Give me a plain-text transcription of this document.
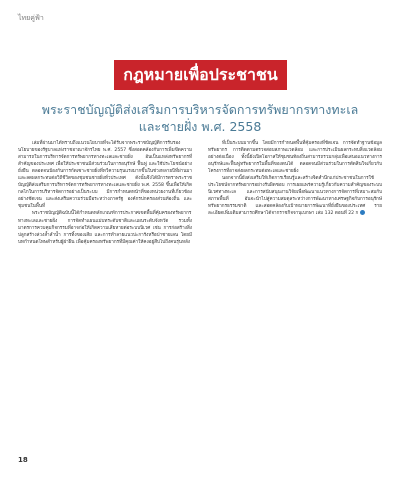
ไทยคู่ฟ้า
กฎหมายเพื่อประชาชน
พระราชบัญญัติส่งเสริมการบริหารจัดการทรัพยากรทางทะเล
และชายฝั่ง พ.ศ. 2558

เล่มที่ผ่านมาได้ทราบถึงแนวนโยบายที่จะได้รับจากพระราชบัญญัติการรับรองนโยบายของรัฐบาลแห่งราชอาณาจักรไทย พ.ศ. 2557 ซึ่งสอดคล้องกับการเพิ่มขีดความสามารถในการบริหารจัดการทรัพยากรทางทะเลและชายฝั่ง อันเป็นแหล่งทรัพยากรที่สำคัญของประเทศ เพื่อให้ประชาชนมีส่วนร่วมในการอนุรักษ์ ฟื้นฟู และใช้ประโยชน์อย่างยั่งยืน ตลอดจนป้องกันการกัดเซาะชายฝั่งที่ทวีความรุนแรงมากขึ้นในช่วงหลายปีที่ผ่านมา และลดผลกระทบต่อวิถีชีวิตของชุมชนชายฝั่งทั่วประเทศ ดังนั้นจึงได้มีการตราพระราชบัญญัติส่งเสริมการบริหารจัดการทรัพยากรทางทะเลและชายฝั่ง พ.ศ. 2558 ขึ้นเพื่อให้เกิดกลไกในการบริหารจัดการอย่างเป็นระบบ มีการกำหนดหน้าที่ของหน่วยงานที่เกี่ยวข้องอย่างชัดเจน และส่งเสริมความร่วมมือระหว่างภาครัฐ องค์กรปกครองส่วนท้องถิ่น และชุมชนในพื้นที่

พระราชบัญญัติฉบับนี้ได้กำหนดหลักเกณฑ์การประกาศเขตพื้นที่คุ้มครองทรัพยากรทางทะเลและชายฝั่ง การจัดทำแผนแม่บทระดับชาติและแผนระดับจังหวัด รวมทั้งมาตรการควบคุมกิจกรรมที่อาจก่อให้เกิดความเสียหายต่อระบบนิเวศ เช่น การก่อสร้างสิ่งปลูกสร้างล่วงล้ำลำน้ำ การทิ้งของเสีย และการทำลายแนวปะการังหรือป่าชายเลน โดยมีบทกำหนดโทษสำหรับผู้ฝ่าฝืน เพื่อคุ้มครองทรัพยากรที่มีคุณค่าให้คงอยู่สืบไปถึงคนรุ่นหลัง

ที่เป็นระบบมากขึ้น โดยมีการกำหนดพื้นที่คุ้มครองที่ชัดเจน การจัดทำฐานข้อมูลทรัพยากร การติดตามตรวจสอบสภาพแวดล้อม และการประเมินผลกระทบสิ่งแวดล้อมอย่างต่อเนื่อง ทั้งนี้ยังเปิดโอกาสให้ชุมชนท้องถิ่นสามารถรวมกลุ่มเพื่อเสนอแนวทางการอนุรักษ์และฟื้นฟูทรัพยากรในพื้นที่ของตนได้ ตลอดจนมีส่วนร่วมในการตัดสินใจเกี่ยวกับโครงการที่อาจส่งผลกระทบต่อทะเลและชายฝั่ง

นอกจากนี้ยังส่งเสริมให้เกิดการเรียนรู้และสร้างจิตสำนึกแก่ประชาชนในการใช้ประโยชน์จากทรัพยากรอย่างรับผิดชอบ การเผยแพร่ความรู้เกี่ยวกับความสำคัญของระบบนิเวศทางทะเล และการสนับสนุนงานวิจัยเพื่อพัฒนาแนวทางการจัดการที่เหมาะสมกับสภาพพื้นที่ อันจะนำไปสู่ความสมดุลระหว่างการพัฒนาทางเศรษฐกิจกับการอนุรักษ์ทรัพยากรธรรมชาติ และสอดคล้องกับเป้าหมายการพัฒนาที่ยั่งยืนของประเทศ รายละเอียดเพิ่มเติมสามารถศึกษาได้จากราชกิจจานุเบกษา เล่ม 132 ตอนที่ 22 ก

18
